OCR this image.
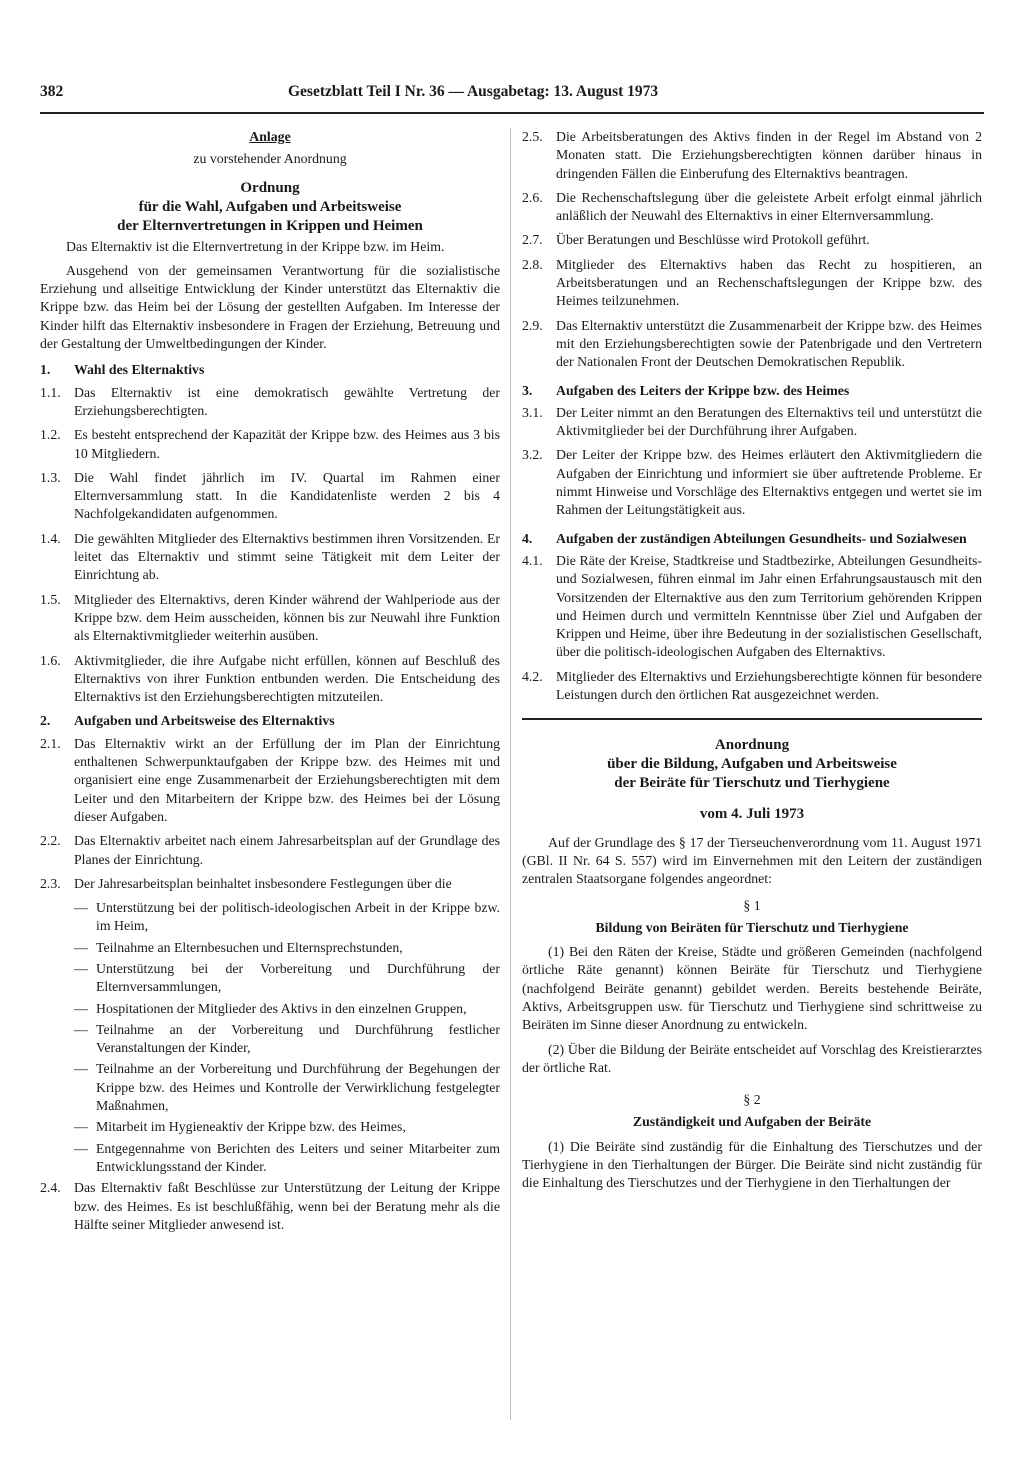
382	Gesetzblatt Teil I Nr. 36 — Ausgabetag: 13. August 1973

Anlage

zu vorstehender Anordnung

Ordnung
für die Wahl, Aufgaben und Arbeitsweise
der Elternvertretungen in Krippen und Heimen

Das Elternaktiv ist die Elternvertretung in der Krippe bzw. im Heim.

Ausgehend von der gemeinsamen Verantwortung für die sozialistische Erziehung und allseitige Entwicklung der Kinder unterstützt das Elternaktiv die Krippe bzw. das Heim bei der Lösung der gestellten Aufgaben. Im Interesse der Kinder hilft das Elternaktiv insbesondere in Fragen der Erziehung, Betreuung und der Gestaltung der Umweltbedingungen der Kinder.

1.	Wahl des Elternaktivs
1.1. Das Elternaktiv ist eine demokratisch gewählte Vertretung der Erziehungsberechtigten.
1.2. Es besteht entsprechend der Kapazität der Krippe bzw. des Heimes aus 3 bis 10 Mitgliedern.
1.3. Die Wahl findet jährlich im IV. Quartal im Rahmen einer Elternversammlung statt. In die Kandidatenliste werden 2 bis 4 Nachfolgekandidaten aufgenommen.
1.4. Die gewählten Mitglieder des Elternaktivs bestimmen ihren Vorsitzenden. Er leitet das Elternaktiv und stimmt seine Tätigkeit mit dem Leiter der Einrichtung ab.
1.5. Mitglieder des Elternaktivs, deren Kinder während der Wahlperiode aus der Krippe bzw. dem Heim ausscheiden, können bis zur Neuwahl ihre Funktion als Elternaktivmitglieder weiterhin ausüben.
1.6. Aktivmitglieder, die ihre Aufgabe nicht erfüllen, können auf Beschluß des Elternaktivs von ihrer Funktion entbunden werden. Die Entscheidung des Elternaktivs ist den Erziehungsberechtigten mitzuteilen.
2.	Aufgaben und Arbeitsweise des Elternaktivs
2.1. Das Elternaktiv wirkt an der Erfüllung der im Plan der Einrichtung enthaltenen Schwerpunktaufgaben der Krippe bzw. des Heimes mit und organisiert eine enge Zusammenarbeit der Erziehungsberechtigten mit dem Leiter und den Mitarbeitern der Krippe bzw. des Heimes bei der Lösung dieser Aufgaben.
2.2. Das Elternaktiv arbeitet nach einem Jahresarbeitsplan auf der Grundlage des Planes der Einrichtung.
2.3. Der Jahresarbeitsplan beinhaltet insbesondere Festlegungen über die
— Unterstützung bei der politisch-ideologischen Arbeit in der Krippe bzw. im Heim,
— Teilnahme an Elternbesuchen und Elternsprechstunden,
— Unterstützung bei der Vorbereitung und Durchführung der Elternversammlungen,
— Hospitationen der Mitglieder des Aktivs in den einzelnen Gruppen,
— Teilnahme an der Vorbereitung und Durchführung festlicher Veranstaltungen der Kinder,
— Teilnahme an der Vorbereitung und Durchführung der Begehungen der Krippe bzw. des Heimes und Kontrolle der Verwirklichung festgelegter Maßnahmen,
— Mitarbeit im Hygieneaktiv der Krippe bzw. des Heimes,
— Entgegennahme von Berichten des Leiters und seiner Mitarbeiter zum Entwicklungsstand der Kinder.
2.4. Das Elternaktiv faßt Beschlüsse zur Unterstützung der Leitung der Krippe bzw. des Heimes. Es ist beschlußfähig, wenn bei der Beratung mehr als die Hälfte seiner Mitglieder anwesend ist.
2.5. Die Arbeitsberatungen des Aktivs finden in der Regel im Abstand von 2 Monaten statt. Die Erziehungsberechtigten können darüber hinaus in dringenden Fällen die Einberufung des Elternaktivs beantragen.
2.6. Die Rechenschaftslegung über die geleistete Arbeit erfolgt einmal jährlich anläßlich der Neuwahl des Elternaktivs in einer Elternversammlung.
2.7. Über Beratungen und Beschlüsse wird Protokoll geführt.
2.8. Mitglieder des Elternaktivs haben das Recht zu hospitieren, an Arbeitsberatungen und an Rechenschaftslegungen der Krippe bzw. des Heimes teilzunehmen.
2.9. Das Elternaktiv unterstützt die Zusammenarbeit der Krippe bzw. des Heimes mit den Erziehungsberechtigten sowie der Patenbrigade und den Vertretern der Nationalen Front der Deutschen Demokratischen Republik.
3.	Aufgaben des Leiters der Krippe bzw. des Heimes
3.1. Der Leiter nimmt an den Beratungen des Elternaktivs teil und unterstützt die Aktivmitglieder bei der Durchführung ihrer Aufgaben.
3.2. Der Leiter der Krippe bzw. des Heimes erläutert den Aktivmitgliedern die Aufgaben der Einrichtung und informiert sie über auftretende Probleme. Er nimmt Hinweise und Vorschläge des Elternaktivs entgegen und wertet sie im Rahmen der Leitungstätigkeit aus.
4.	Aufgaben der zuständigen Abteilungen Gesundheits- und Sozialwesen
4.1. Die Räte der Kreise, Stadtkreise und Stadtbezirke, Abteilungen Gesundheits- und Sozialwesen, führen einmal im Jahr einen Erfahrungsaustausch mit den Vorsitzenden der Elternaktive aus den zum Territorium gehörenden Krippen und Heimen durch und vermitteln Kenntnisse über Ziel und Aufgaben der Krippen und Heime, über ihre Bedeutung in der sozialistischen Gesellschaft, über die politisch-ideologischen Aufgaben des Elternaktivs.
4.2. Mitglieder des Elternaktivs und Erziehungsberechtigte können für besondere Leistungen durch den örtlichen Rat ausgezeichnet werden.
Anordnung
über die Bildung, Aufgaben und Arbeitsweise
der Beiräte für Tierschutz und Tierhygiene

vom 4. Juli 1973

Auf der Grundlage des § 17 der Tierseuchenverordnung vom 11. August 1971 (GBl. II Nr. 64 S. 557) wird im Einvernehmen mit den Leitern der zuständigen zentralen Staatsorgane folgendes angeordnet:

§ 1

Bildung von Beiräten für Tierschutz und Tierhygiene

(1) Bei den Räten der Kreise, Städte und größeren Gemeinden (nachfolgend örtliche Räte genannt) können Beiräte für Tierschutz und Tierhygiene (nachfolgend Beiräte genannt) gebildet werden. Bereits bestehende Beiräte, Aktivs, Arbeitsgruppen usw. für Tierschutz und Tierhygiene sind schrittweise zu Beiräten im Sinne dieser Anordnung zu entwickeln.

(2) Über die Bildung der Beiräte entscheidet auf Vorschlag des Kreistierarztes der örtliche Rat.

§ 2

Zuständigkeit und Aufgaben der Beiräte

(1) Die Beiräte sind zuständig für die Einhaltung des Tierschutzes und der Tierhygiene in den Tierhaltungen der Bürger. Die Beiräte sind nicht zuständig für die Einhaltung des Tierschutzes und der Tierhygiene in den Tierhaltungen der
